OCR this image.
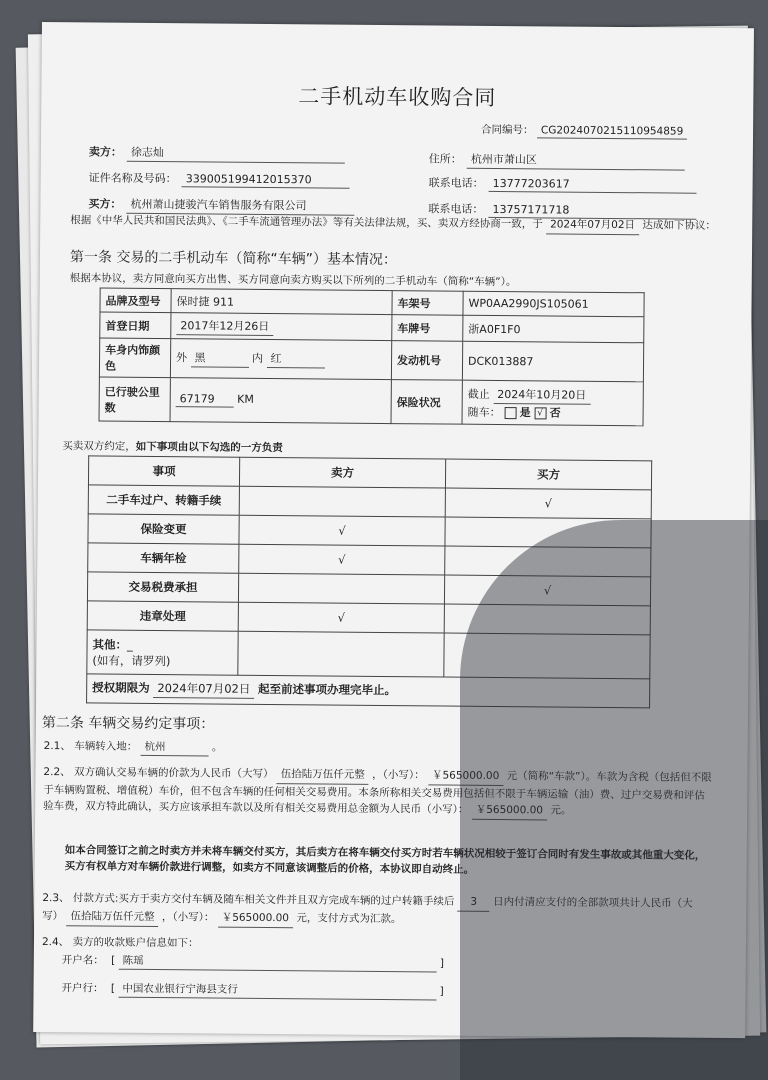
二手机动车收购合同
合同编号： CG2024070215110954859
卖方： 徐志灿	住所： 杭州市萧山区
证件名称及号码： 339005199412015370	联系电话： 13777203617
买方： 杭州萧山捷骏汽车销售服务有限公司	联系电话： 13757171718
根据《中华人民共和国民法典》、《二手车流通管理办法》等有关法律法规，买、卖双方经协商一致，于 2024年07月02日 达成如下协议：
第一条 交易的二手机动车（简称“车辆”）基本情况：
根据本协议，卖方同意向买方出售、买方同意向卖方购买以下所列的二手机动车（简称“车辆”）。
品牌及型号	保时捷 911	车架号	WP0AA2990JS105061
首登日期	2017年12月26日	车牌号	浙A0F1F0
车身内饰颜色	外 黑 内 红	发动机号	DCK013887
已行驶公里数	67179 KM	保险状况	截止 2024年10月20日
随车： 是 √ 否
买卖双方约定，如下事项由以下勾选的一方负责
事项	卖方	买方
二手车过户、转籍手续		√
保险变更	√	
车辆年检	√	
交易税费承担		√
违章处理	√	

其他：_
(如有，请罗列)		

授权期限为 2024年07月02日 起至前述事项办理完毕止。		
第二条 车辆交易约定事项：
2.1、 车辆转入地： 杭州	。
2.2、 双方确认交易车辆的价款为人民币（大写） 伍拾陆万伍仟元整 ，（小写）： ￥565000.00 元（简称“车款”）。车款为含税（包括但不限于车辆购置税、增值税）车价，但不包含车辆的任何相关交易费用。本条所称相关交易费用包括但不限于车辆运输（油）费、过户交易费和评估验车费，双方特此确认，买方应该承担车款以及所有相关交易费用总金额为人民币（小写）： ￥565000.00 元。
如本合同签订之前之时卖方并未将车辆交付买方，其后卖方在将车辆交付买方时若车辆状况相较于签订合同时有发生事故或其他重大变化，买方有权单方对车辆价款进行调整，如卖方不同意该调整后的价格，本协议即自动终止。
2.3、 付款方式:买方于卖方交付车辆及随车相关文件并且双方完成车辆的过户转籍手续后 3 日内付清应支付的全部款项共计人民币（大写） 伍拾陆万伍仟元整 ，（小写）： ￥565000.00 元，支付方式为汇款。
2.4、 卖方的收款账户信息如下：
开户名： [ 陈瑶	]
开户行： [ 中国农业银行宁海县支行	]
